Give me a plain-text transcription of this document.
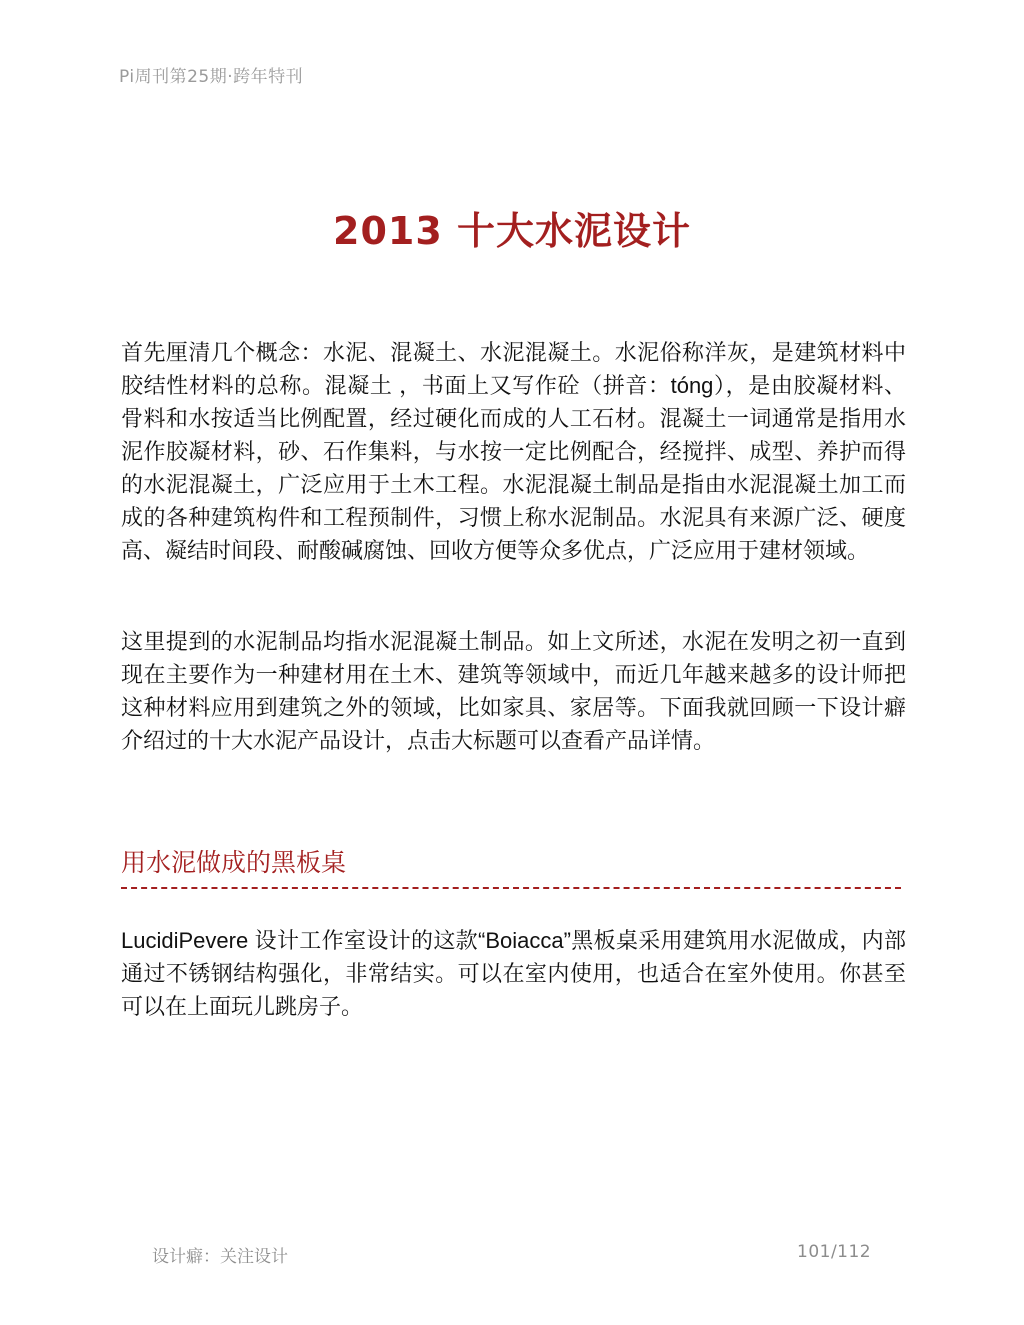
Pi周刊第25期·跨年特刊
2013 十大水泥设计

首先厘清几个概念：水泥、混凝土、水泥混凝土。水泥俗称洋灰，是建筑材料中胶结性材料的总称。混凝土 ，书面上又写作砼（拼音：tóng），是由胶凝材料、骨料和水按适当比例配置，经过硬化而成的人工石材。混凝土一词通常是指用水泥作胶凝材料，砂、石作集料，与水按一定比例配合，经搅拌、成型、养护而得的水泥混凝土，广泛应用于土木工程。水泥混凝土制品是指由水泥混凝土加工而成的各种建筑构件和工程预制件，习惯上称水泥制品。水泥具有来源广泛、硬度高、凝结时间段、耐酸碱腐蚀、回收方便等众多优点，广泛应用于建材领域。

这里提到的水泥制品均指水泥混凝土制品。如上文所述，水泥在发明之初一直到现在主要作为一种建材用在土木、建筑等领域中，而近几年越来越多的设计师把这种材料应用到建筑之外的领域，比如家具、家居等。下面我就回顾一下设计癖介绍过的十大水泥产品设计，点击大标题可以查看产品详情。

用水泥做成的黑板桌

LucidiPevere 设计工作室设计的这款“Boiacca”黑板桌采用建筑用水泥做成，内部通过不锈钢结构强化，非常结实。可以在室内使用，也适合在室外使用。你甚至可以在上面玩儿跳房子。

设计癖：关注设计	101/112
